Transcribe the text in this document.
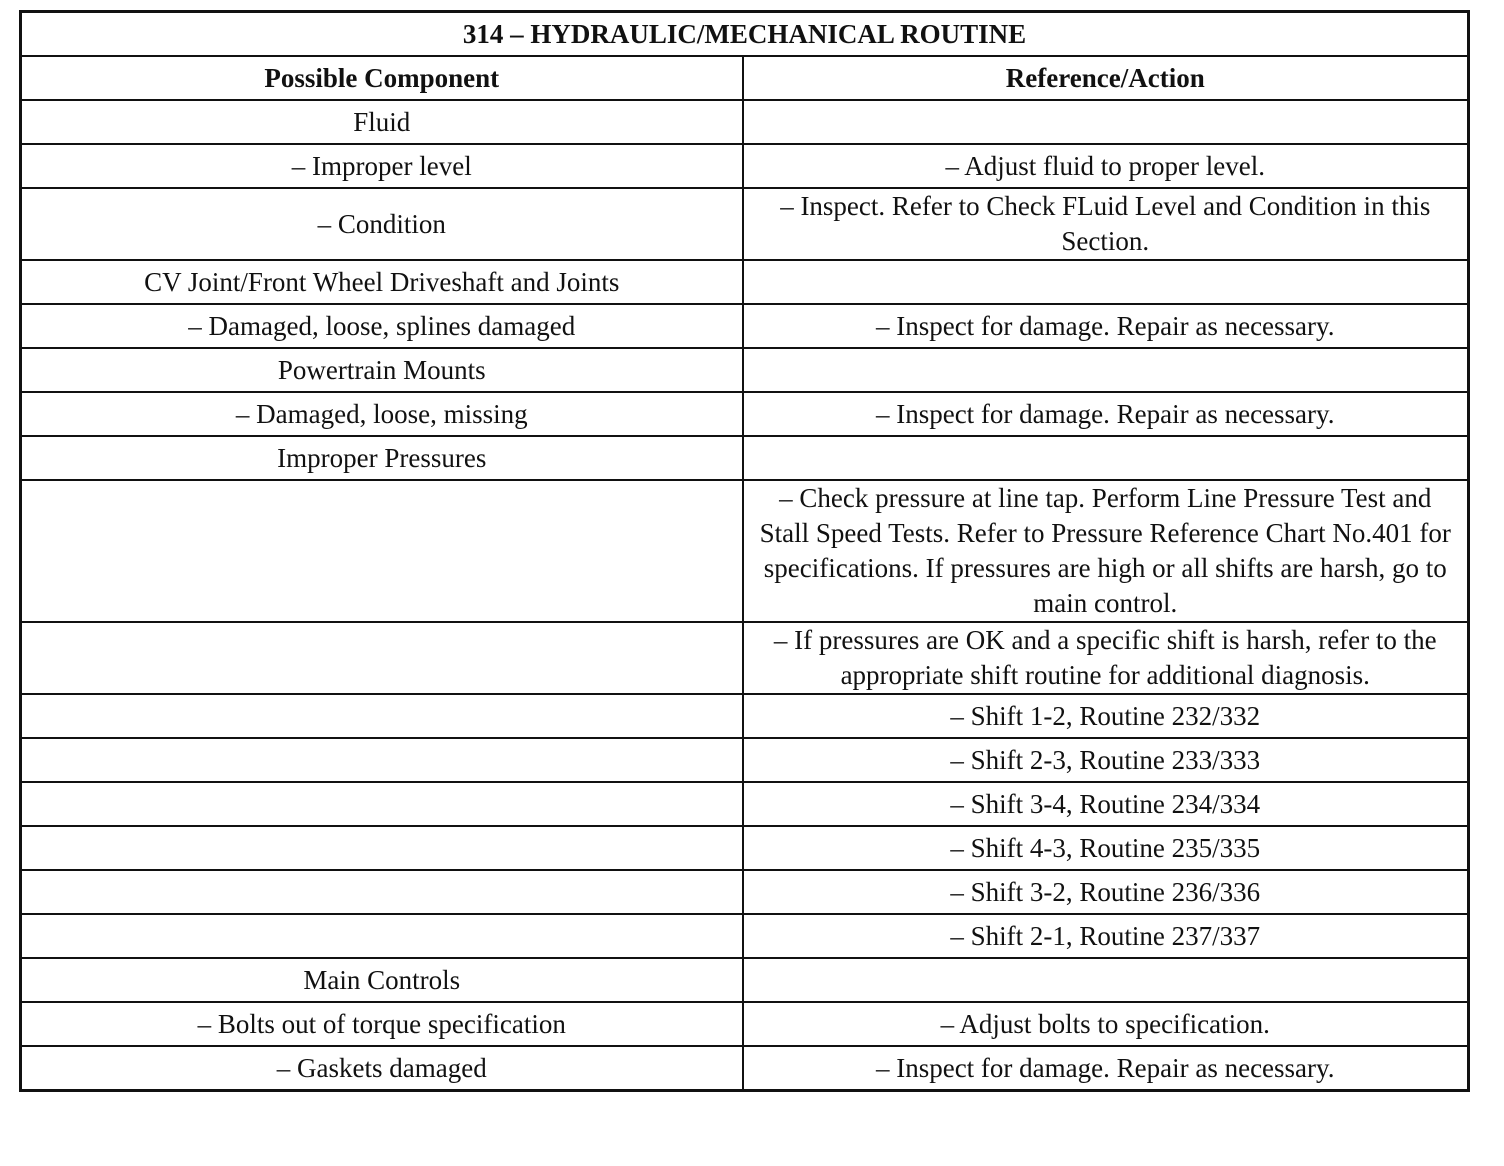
314 – HYDRAULIC/MECHANICAL ROUTINE	
Possible Component	Reference/Action
Fluid	
– Improper level	– Adjust fluid to proper level.
– Condition	– Inspect. Refer to Check FLuid Level and Condition in this Section.
CV Joint/Front Wheel Driveshaft and Joints	
– Damaged, loose, splines damaged	– Inspect for damage. Repair as necessary.
Powertrain Mounts	
– Damaged, loose, missing	– Inspect for damage. Repair as necessary.
Improper Pressures	
	– Check pressure at line tap. Perform Line Pressure Test and Stall Speed Tests. Refer to Pressure Reference Chart No.401 for specifications. If pressures are high or all shifts are harsh, go to main control.
	– If pressures are OK and a specific shift is harsh, refer to the appropriate shift routine for additional diagnosis.
	– Shift 1-2, Routine 232/332
	– Shift 2-3, Routine 233/333
	– Shift 3-4, Routine 234/334
	– Shift 4-3, Routine 235/335
	– Shift 3-2, Routine 236/336
	– Shift 2-1, Routine 237/337
Main Controls	
– Bolts out of torque specification	– Adjust bolts to specification.
– Gaskets damaged	– Inspect for damage. Repair as necessary.
